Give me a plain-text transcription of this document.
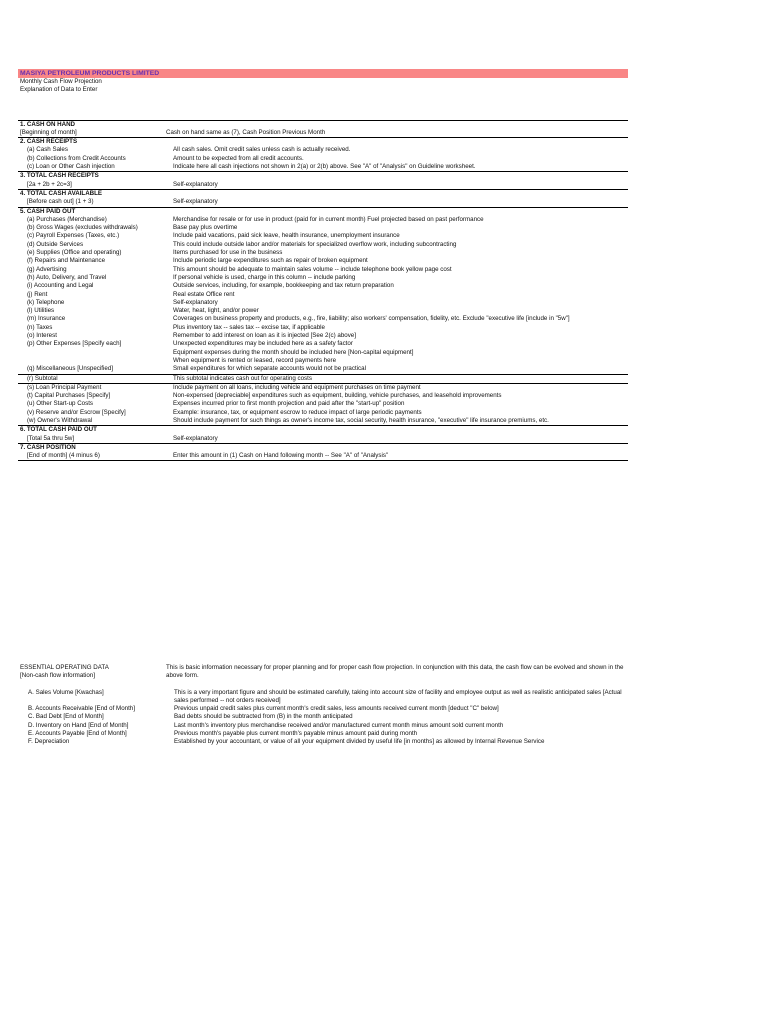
MASIYA PETROLEUM PRODUCTS LIMITED
Monthly Cash Flow Projection
Explanation of Data to Enter
1. CASH ON HAND
[Beginning of month]	Cash on hand same as (7), Cash Position Previous Month
2. CASH RECEIPTS
(a) Cash Sales	All cash sales. Omit credit sales unless cash is actually received.
(b) Collections from Credit Accounts	Amount to be expected from all credit accounts.
(c) Loan or Other Cash injection	Indicate here all cash injections not shown in 2(a) or 2(b) above. See "A" of "Analysis" on Guideline worksheet.
3. TOTAL CASH RECEIPTS
[2a + 2b + 2c=3]	Self-explanatory
4. TOTAL CASH AVAILABLE
[Before cash out] (1 + 3)	Self-explanatory
5. CASH PAID OUT
(a) Purchases (Merchandise)	Merchandise for resale or for use in product (paid for in current month) Fuel projected based on past performance
(b) Gross Wages (excludes withdrawals)	Base pay plus overtime
(c) Payroll Expenses (Taxes, etc.)	Include paid vacations, paid sick leave, health insurance, unemployment insurance
(d) Outside Services	This could include outside labor and/or materials for specialized overflow work, including subcontracting
(e) Supplies (Office and operating)	Items purchased for use in the business
(f) Repairs and Maintenance	Include periodic large expenditures such as repair of broken equipment
(g) Advertising	This amount should be adequate to maintain sales volume -- include telephone book yellow page cost
(h) Auto, Delivery, and Travel	If personal vehicle is used, charge in this column -- include parking
(i) Accounting and Legal	Outside services, including, for example, bookkeeping and tax return preparation
(j) Rent	Real estate Office rent
(k) Telephone	Self-explanatory
(l) Utilities	Water, heat, light, and/or power
(m) Insurance	Coverages on business property and products, e.g., fire, liability; also workers' compensation, fidelity, etc. Exclude "executive life [include in "5w"]
(n) Taxes	Plus inventory tax -- sales tax -- excise tax, if applicable
(o) Interest	Remember to add interest on loan as it is injected [See 2(c) above]
(p) Other Expenses [Specify each]	Unexpected expenditures may be included here as a safety factor
Equipment expenses during the month should be included here [Non-capital equipment]
When equipment is rented or leased, record payments here
(q) Miscellaneous [Unspecified]	Small expenditures for which separate accounts would not be practical
(r) Subtotal	This subtotal indicates cash out for operating costs
(s) Loan Principal Payment	Include payment on all loans, including vehicle and equipment purchases on time payment
(t) Capital Purchases [Specify]	Non-expensed [depreciable] expenditures such as equipment, building, vehicle purchases, and leasehold improvements
(u) Other Start-up Costs	Expenses incurred prior to first month projection and paid after the "start-up" position
(v) Reserve and/or Escrow [Specify]	Example: insurance, tax, or equipment escrow to reduce impact of large periodic payments
(w) Owner's Withdrawal	Should include payment for such things as owner's income tax, social security, health insurance, "executive" life insurance premiums, etc.
6. TOTAL CASH PAID OUT
[Total 5a thru 5w]	Self-explanatory
7. CASH POSITION
[End of month] (4 minus 6)	Enter this amount in (1) Cash on Hand following month -- See "A" of "Analysis"
ESSENTIAL OPERATING DATA	This is basic information necessary for proper planning and for proper cash flow projection. In conjunction with this data, the cash flow can be evolved and shown in the above form.
[Non-cash flow information]
A. Sales Volume [Kwachas]	This is a very important figure and should be estimated carefully, taking into account size of facility and employee output as well as realistic anticipated sales [Actual sales performed -- not orders received]
B. Accounts Receivable [End of Month]	Previous unpaid credit sales plus current month's credit sales, less amounts received current month [deduct "C" below]
C. Bad Debt [End of Month]	Bad debts should be subtracted from (B) in the month anticipated
D. Inventory on Hand [End of Month]	Last month's inventory plus merchandise received and/or manufactured current month minus amount sold current month
E. Accounts Payable [End of Month]	Previous month's payable plus current month's payable minus amount paid during month
F. Depreciation	Established by your accountant, or value of all your equipment divided by useful life [in months] as allowed by Internal Revenue Service
